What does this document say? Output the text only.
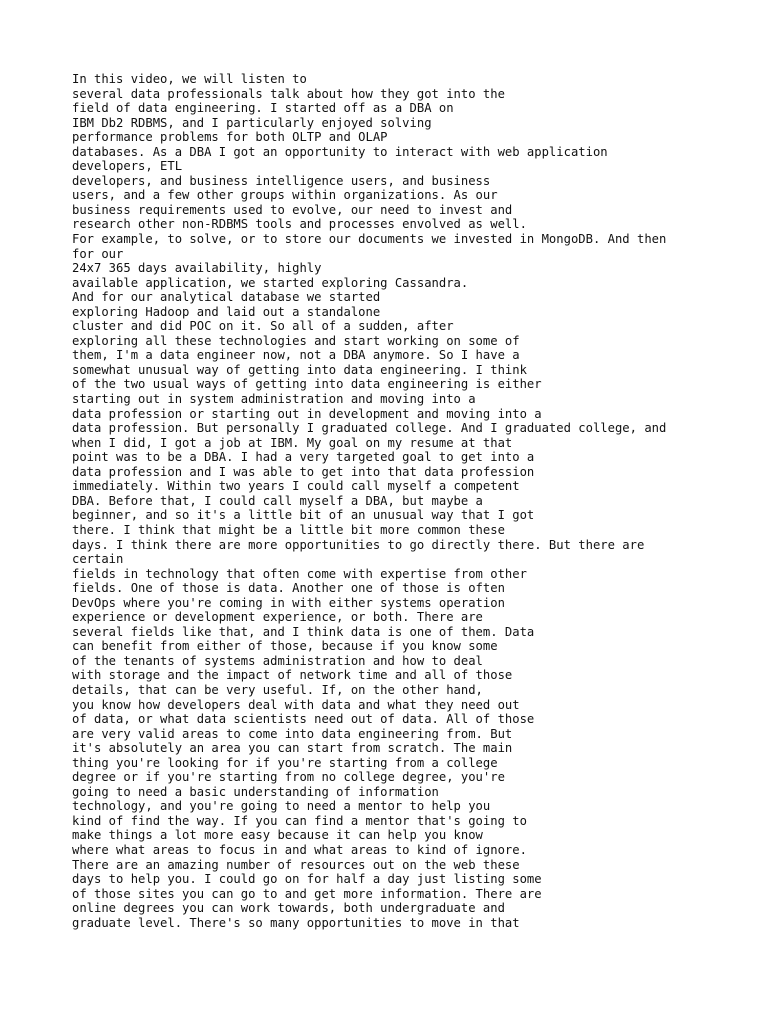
In this video, we will listen to
several data professionals talk about how they got into the
field of data engineering. I started off as a DBA on
IBM Db2 RDBMS, and I particularly enjoyed solving
performance problems for both OLTP and OLAP
databases. As a DBA I got an opportunity to interact with web application
developers, ETL
developers, and business intelligence users, and business
users, and a few other groups within organizations. As our
business requirements used to evolve, our need to invest and
research other non-RDBMS tools and processes envolved as well.
For example, to solve, or to store our documents we invested in MongoDB. And then
for our
24x7 365 days availability, highly
available application, we started exploring Cassandra.
And for our analytical database we started
exploring Hadoop and laid out a standalone
cluster and did POC on it. So all of a sudden, after
exploring all these technologies and start working on some of
them, I'm a data engineer now, not a DBA anymore. So I have a
somewhat unusual way of getting into data engineering. I think
of the two usual ways of getting into data engineering is either
starting out in system administration and moving into a
data profession or starting out in development and moving into a
data profession. But personally I graduated college. And I graduated college, and
when I did, I got a job at IBM. My goal on my resume at that
point was to be a DBA. I had a very targeted goal to get into a
data profession and I was able to get into that data profession
immediately. Within two years I could call myself a competent
DBA. Before that, I could call myself a DBA, but maybe a
beginner, and so it's a little bit of an unusual way that I got
there. I think that might be a little bit more common these
days. I think there are more opportunities to go directly there. But there are
certain
fields in technology that often come with expertise from other
fields. One of those is data. Another one of those is often
DevOps where you're coming in with either systems operation
experience or development experience, or both. There are
several fields like that, and I think data is one of them. Data
can benefit from either of those, because if you know some
of the tenants of systems administration and how to deal
with storage and the impact of network time and all of those
details, that can be very useful. If, on the other hand,
you know how developers deal with data and what they need out
of data, or what data scientists need out of data. All of those
are very valid areas to come into data engineering from. But
it's absolutely an area you can start from scratch. The main
thing you're looking for if you're starting from a college
degree or if you're starting from no college degree, you're
going to need a basic understanding of information
technology, and you're going to need a mentor to help you
kind of find the way. If you can find a mentor that's going to
make things a lot more easy because it can help you know
where what areas to focus in and what areas to kind of ignore.
There are an amazing number of resources out on the web these
days to help you. I could go on for half a day just listing some
of those sites you can go to and get more information. There are
online degrees you can work towards, both undergraduate and
graduate level. There's so many opportunities to move in that
